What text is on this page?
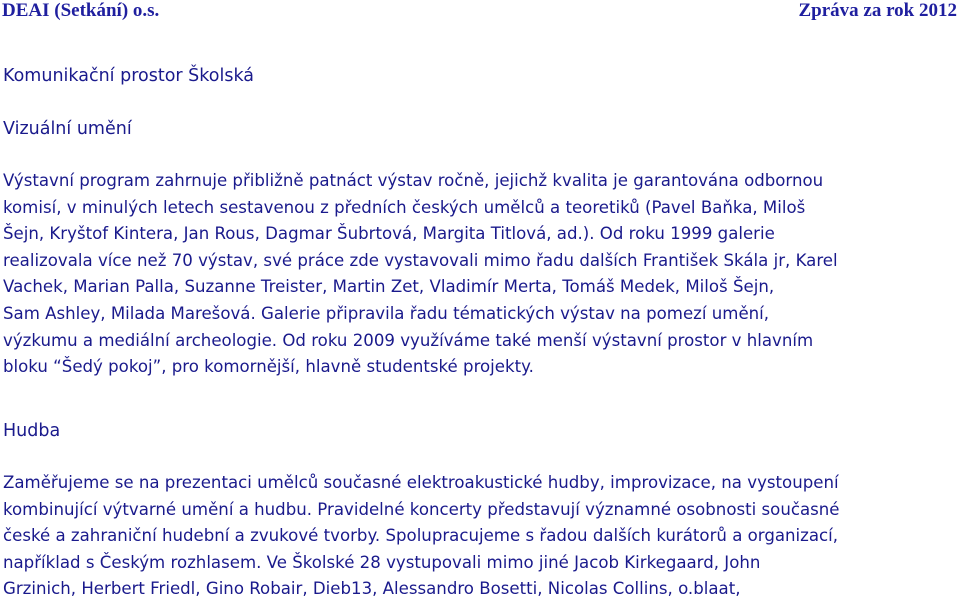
DEAI (Setkání) o.s.	Zpráva za rok 2012
Komunikační prostor Školská
Vizuální umění
Výstavní program zahrnuje přibližně patnáct výstav ročně, jejichž kvalita je garantována odbornou
komisí, v minulých letech sestavenou z předních českých umělců a teoretiků (Pavel Baňka, Miloš
Šejn, Kryštof Kintera, Jan Rous, Dagmar Šubrtová, Margita Titlová, ad.). Od roku 1999 galerie
realizovala více než 70 výstav, své práce zde vystavovali mimo řadu dalších František Skála jr, Karel
Vachek, Marian Palla, Suzanne Treister, Martin Zet, Vladimír Merta, Tomáš Medek, Miloš Šejn,
Sam Ashley, Milada Marešová. Galerie připravila řadu tématických výstav na pomezí umění,
výzkumu a mediální archeologie. Od roku 2009 využíváme také menší výstavní prostor v hlavním
bloku “Šedý pokoj”, pro komornější, hlavně studentské projekty.
Hudba
Zaměřujeme se na prezentaci umělců současné elektroakustické hudby, improvizace, na vystoupení
kombinující výtvarné umění a hudbu. Pravidelné koncerty představují významné osobnosti současné
české a zahraniční hudební a zvukové tvorby. Spolupracujeme s řadou dalších kurátorů a organizací,
například s Českým rozhlasem. Ve Školské 28 vystupovali mimo jiné Jacob Kirkegaard, John
Grzinich, Herbert Friedl, Gino Robair, Dieb13, Alessandro Bosetti, Nicolas Collins, o.blaat,
